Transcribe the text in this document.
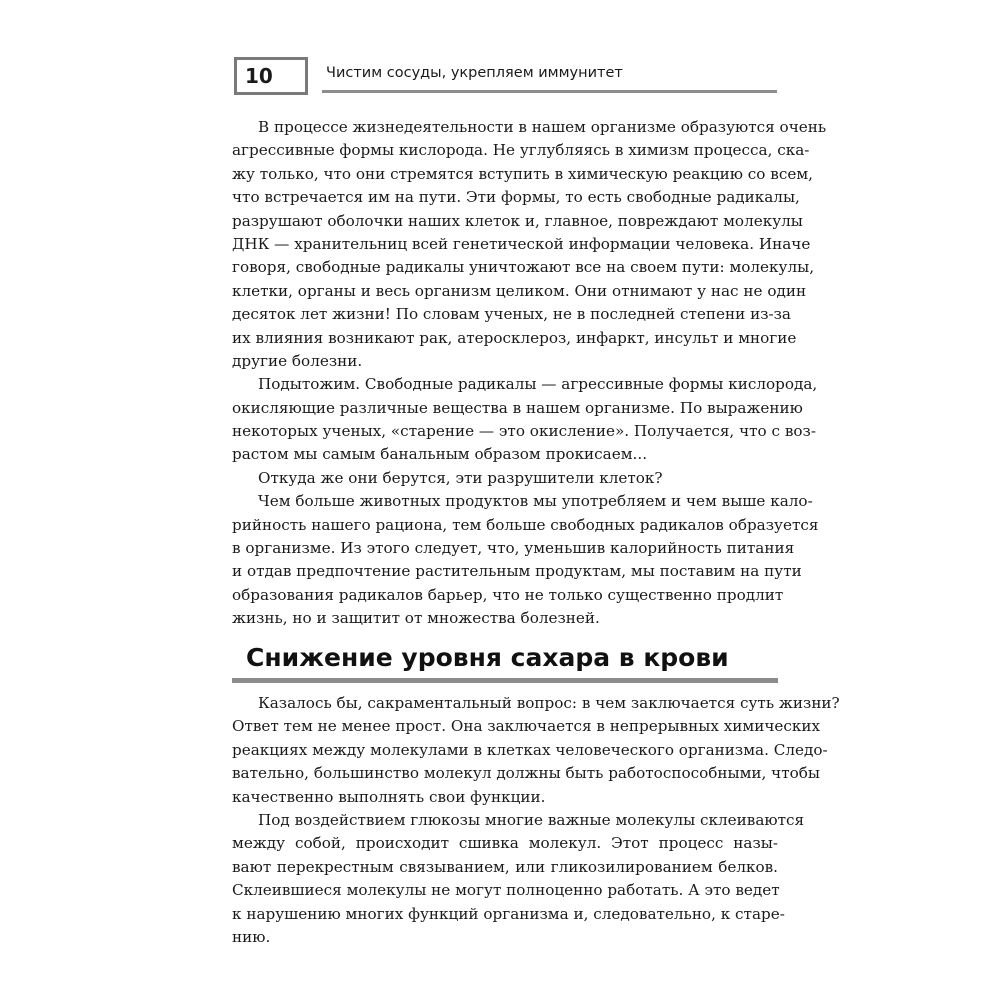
10	Чистим сосуды, укрепляем иммунитет
В процессе жизнедеятельности в нашем организме образуются очень
агрессивные формы кислорода. Не углубляясь в химизм процесса, ска-
жу только, что они стремятся вступить в химическую реакцию со всем,
что встречается им на пути. Эти формы, то есть свободные радикалы,
разрушают оболочки наших клеток и, главное, повреждают молекулы
ДНК — хранительниц всей генетической информации человека. Иначе
говоря, свободные радикалы уничтожают все на своем пути: молекулы,
клетки, органы и весь организм целиком. Они отнимают у нас не один
десяток лет жизни! По словам ученых, не в последней степени из-за
их влияния возникают рак, атеросклероз, инфаркт, инсульт и многие
другие болезни.
Подытожим. Свободные радикалы — агрессивные формы кислорода,
окисляющие различные вещества в нашем организме. По выражению
некоторых ученых, «старение — это окисление». Получается, что с воз-
растом мы самым банальным образом прокисаем...
Откуда же они берутся, эти разрушители клеток?
Чем больше животных продуктов мы употребляем и чем выше кало-
рийность нашего рациона, тем больше свободных радикалов образуется
в организме. Из этого следует, что, уменьшив калорийность питания
и отдав предпочтение растительным продуктам, мы поставим на пути
образования радикалов барьер, что не только существенно продлит
жизнь, но и защитит от множества болезней.
Снижение уровня сахара в крови
Казалось бы, сакраментальный вопрос: в чем заключается суть жизни?
Ответ тем не менее прост. Она заключается в непрерывных химических
реакциях между молекулами в клетках человеческого организма. Следо-
вательно, большинство молекул должны быть работоспособными, чтобы
качественно выполнять свои функции.
Под воздействием глюкозы многие важные молекулы склеиваются
между собой, происходит сшивка молекул. Этот процесс назы-
вают перекрестным связыванием, или гликозилированием белков.
Склеившиеся молекулы не могут полноценно работать. А это ведет
к нарушению многих функций организма и, следовательно, к старе-
нию.
